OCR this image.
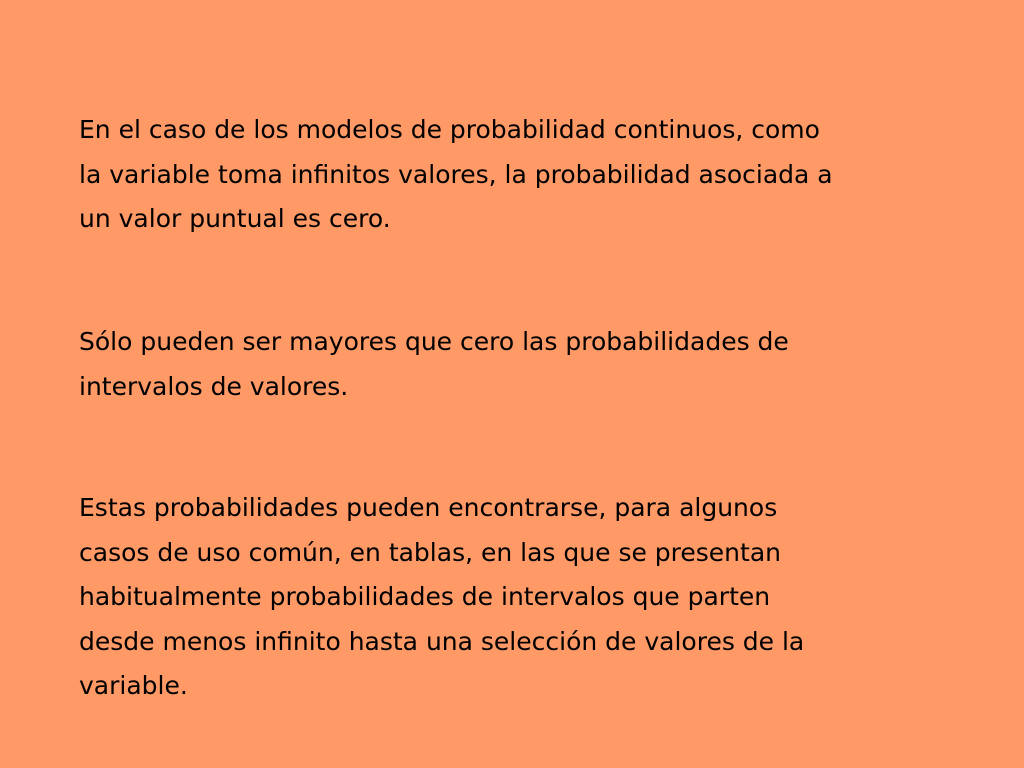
En el caso de los modelos de probabilidad continuos, como
la variable toma infinitos valores, la probabilidad asociada a
un valor puntual es cero.

Sólo pueden ser mayores que cero las probabilidades de
intervalos de valores.

Estas probabilidades pueden encontrarse, para algunos
casos de uso común, en tablas, en las que se presentan
habitualmente probabilidades de intervalos que parten
desde menos infinito hasta una selección de valores de la
variable.
